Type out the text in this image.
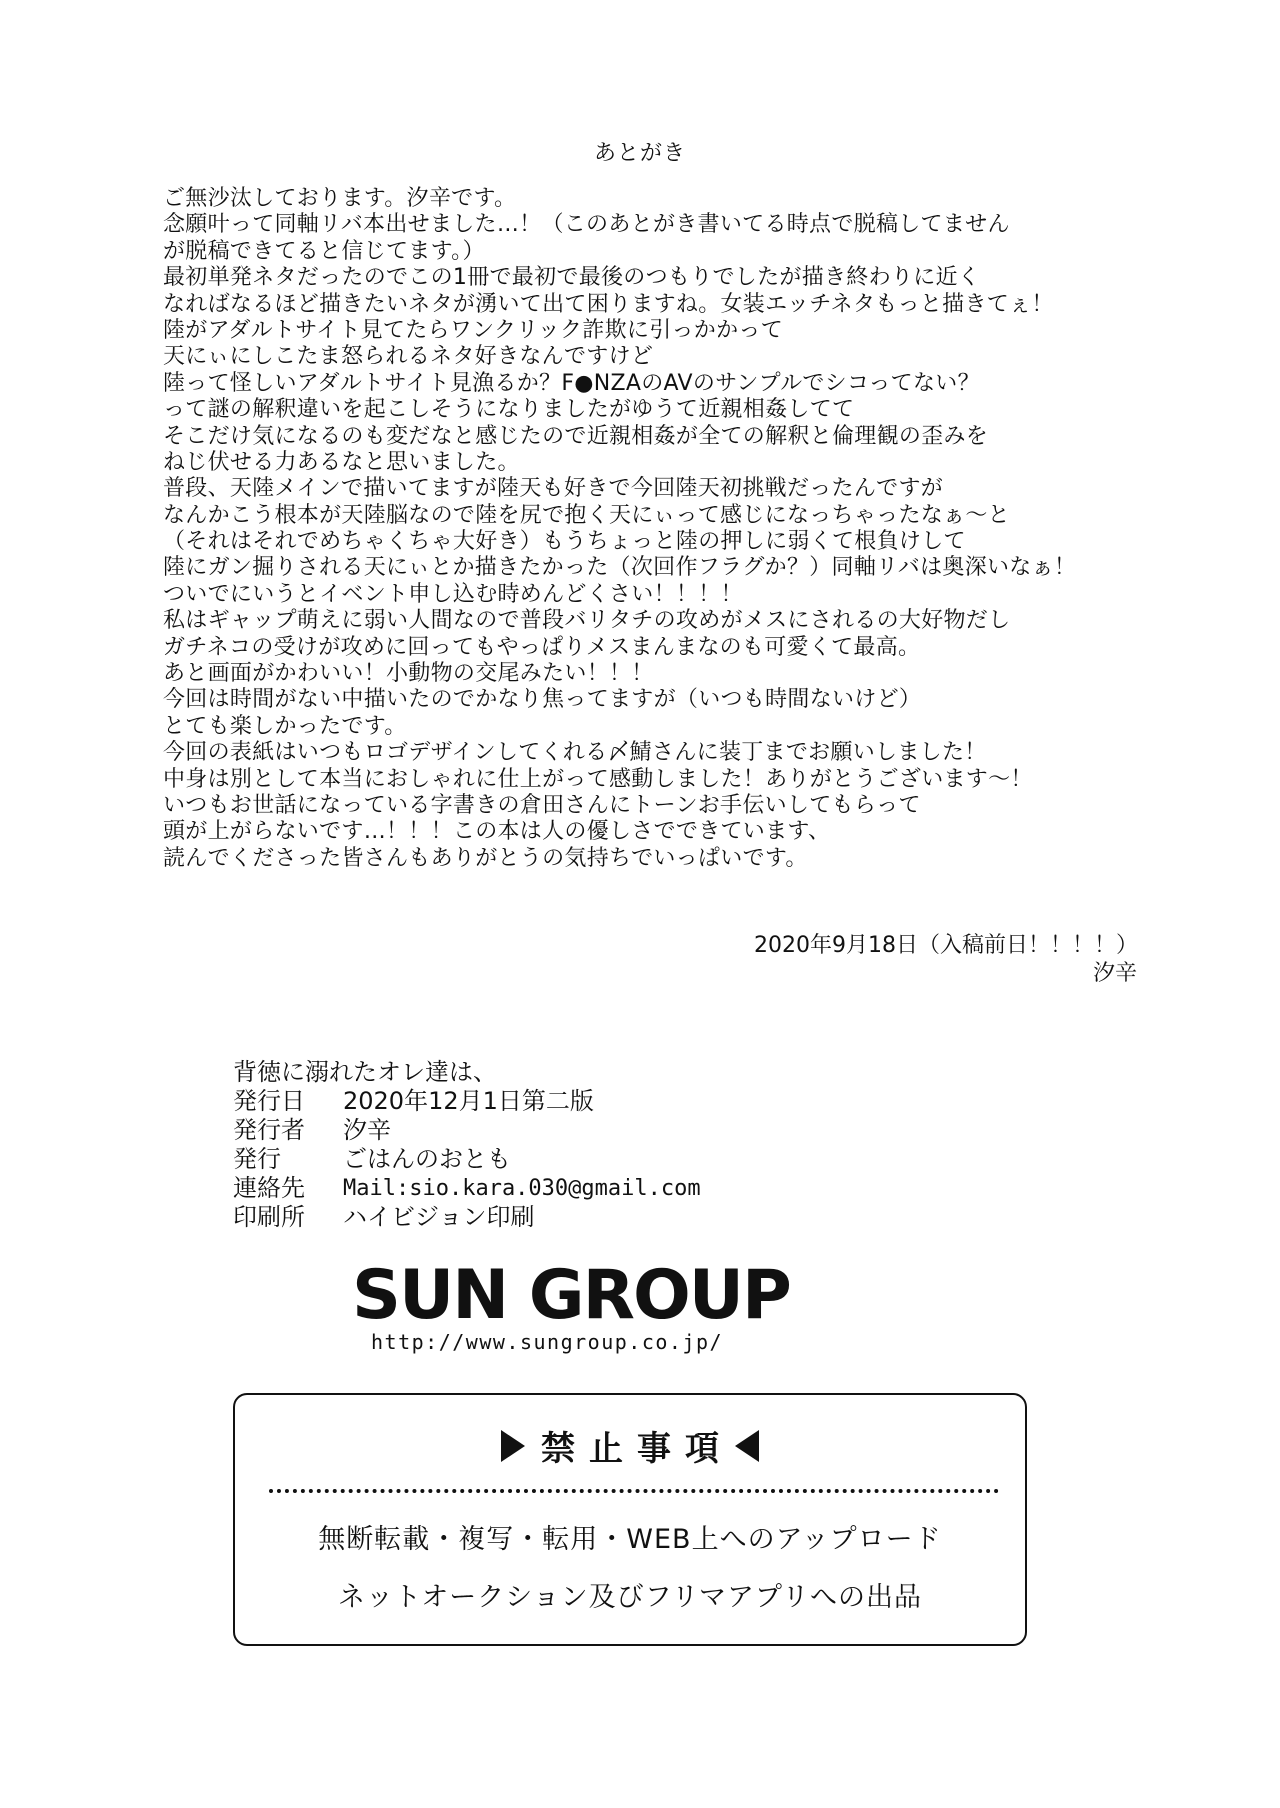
あとがき
ご無沙汰しております。汐辛です。
念願叶って同軸リバ本出せました…！（このあとがき書いてる時点で脱稿してません
が脱稿できてると信じてます。）
最初単発ネタだったのでこの1冊で最初で最後のつもりでしたが描き終わりに近く
なればなるほど描きたいネタが湧いて出て困りますね。女装エッチネタもっと描きてぇ！
陸がアダルトサイト見てたらワンクリック詐欺に引っかかって
天にぃにしこたま怒られるネタ好きなんですけど
陸って怪しいアダルトサイト見漁るか？F●NZAのAVのサンプルでシコってない？
って謎の解釈違いを起こしそうになりましたがゆうて近親相姦してて
そこだけ気になるのも変だなと感じたので近親相姦が全ての解釈と倫理観の歪みを
ねじ伏せる力あるなと思いました。
普段、天陸メインで描いてますが陸天も好きで今回陸天初挑戦だったんですが
なんかこう根本が天陸脳なので陸を尻で抱く天にぃって感じになっちゃったなぁ～と
（それはそれでめちゃくちゃ大好き）もうちょっと陸の押しに弱くて根負けして
陸にガン掘りされる天にぃとか描きたかった（次回作フラグか？）同軸リバは奥深いなぁ！
ついでにいうとイベント申し込む時めんどくさい！！！！
私はギャップ萌えに弱い人間なので普段バリタチの攻めがメスにされるの大好物だし
ガチネコの受けが攻めに回ってもやっぱりメスまんまなのも可愛くて最高。
あと画面がかわいい！小動物の交尾みたい！！！
今回は時間がない中描いたのでかなり焦ってますが（いつも時間ないけど）
とても楽しかったです。
今回の表紙はいつもロゴデザインしてくれる〆鯖さんに装丁までお願いしました！
中身は別として本当におしゃれに仕上がって感動しました！ありがとうございます～！
いつもお世話になっている字書きの倉田さんにトーンお手伝いしてもらって
頭が上がらないです…！！！この本は人の優しさでできています、
読んでくださった皆さんもありがとうの気持ちでいっぱいです。
2020年9月18日（入稿前日！！！！）
汐辛
背徳に溺れたオレ達は、
発行日	2020年12月1日第二版
発行者	汐辛
発行	ごはんのおとも
連絡先	Mail:sio.kara.030@gmail.com
印刷所	ハイビジョン印刷
SUN GROUP
http://www.sungroup.co.jp/
禁止事項
無断転載・複写・転用・WEB上へのアップロード
ネットオークション及びフリマアプリへの出品
